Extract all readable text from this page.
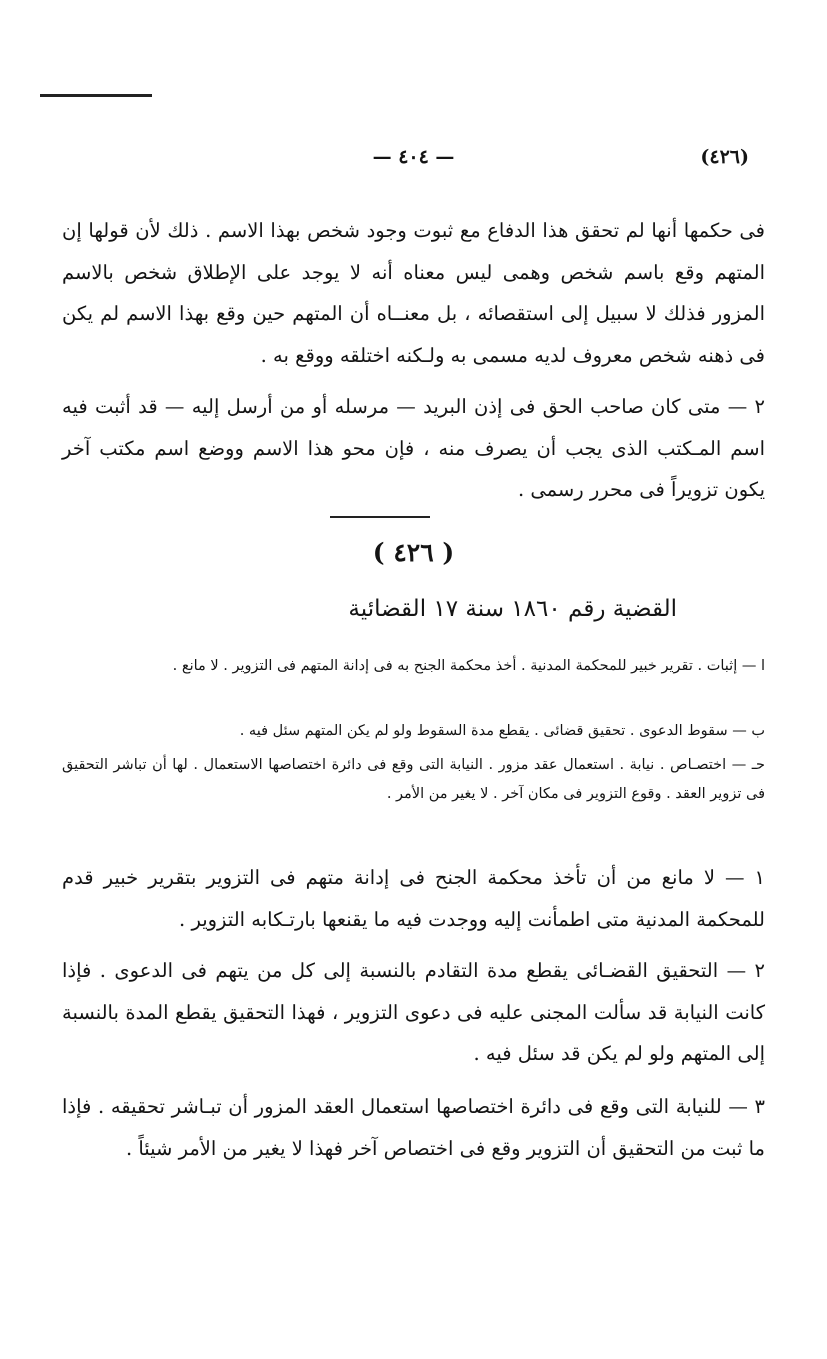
(٤٢٦)
— ٤٠٤ —

فى حكمها أنها لم تحقق هذا الدفاع مع ثبوت وجود شخص بهذا الاسم . ذلك لأن قولها إن المتهم وقع باسم شخص وهمى ليس معناه أنه لا يوجد على الإطلاق شخص بالاسم المزور فذلك لا سبيل إلى استقصائه ، بل معنــاه أن المتهم حين وقع بهذا الاسم لم يكن فى ذهنه شخص معروف لديه مسمى به ولـكنه اختلقه ووقع به .

٢ — متى كان صاحب الحق فى إذن البريد — مرسله أو من أرسل إليه — قد أثبت فيه اسم المـكتب الذى يجب أن يصرف منه ، فإن محو هذا الاسم ووضع اسم مكتب آخر يكون تزويراً فى محرر رسمى .

( ٤٢٦ )
القضية رقم ١٨٦٠ سنة ١٧ القضائية

ا — إثبات . تقرير خبير للمحكمة المدنية . أخذ محكمة الجنح به فى إدانة المتهم فى التزوير . لا مانع .

ب — سقوط الدعوى . تحقيق قضائى . يقطع مدة السقوط ولو لم يكن المتهم سئل فيه .

حـ — اختصـاص . نيابة . استعمال عقد مزور . النيابة التى وقع فى دائرة اختصاصها الاستعمال . لها أن تباشر التحقيق فى تزوير العقد . وقوع التزوير فى مكان آخر . لا يغير من الأمر .

١ — لا مانع من أن تأخذ محكمة الجنح فى إدانة متهم فى التزوير بتقرير خبير قدم للمحكمة المدنية متى اطمأنت إليه ووجدت فيه ما يقنعها بارتـكابه التزوير .

٢ — التحقيق القضـائى يقطع مدة التقادم بالنسبة إلى كل من يتهم فى الدعوى . فإذا كانت النيابة قد سألت المجنى عليه فى دعوى التزوير ، فهذا التحقيق يقطع المدة بالنسبة إلى المتهم ولو لم يكن قد سئل فيه .

٣ — للنيابة التى وقع فى دائرة اختصاصها استعمال العقد المزور أن تبـاشر تحقيقه . فإذا ما ثبت من التحقيق أن التزوير وقع فى اختصاص آخر فهذا لا يغير من الأمر شيئاً .
